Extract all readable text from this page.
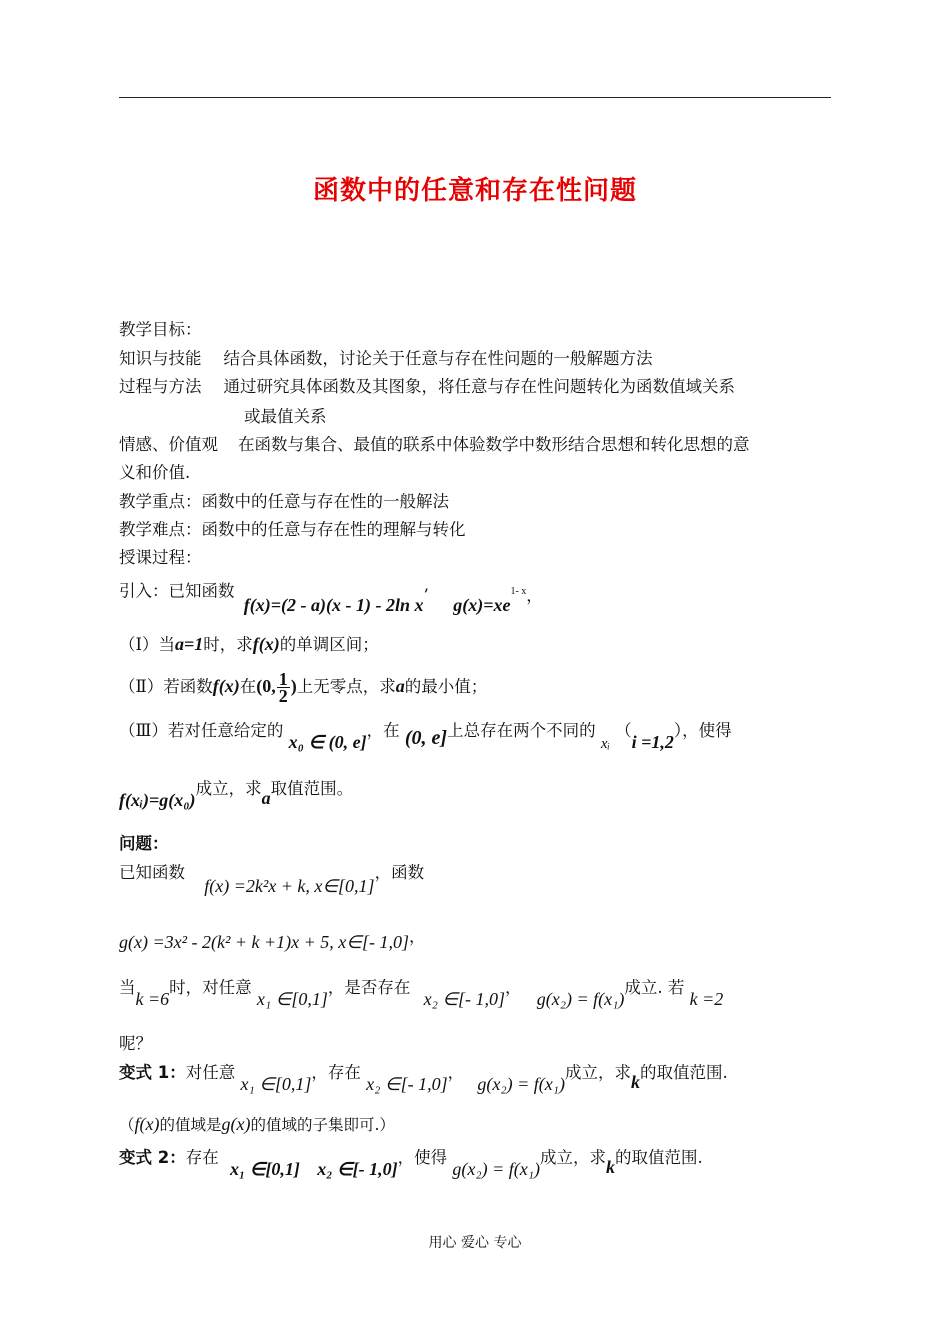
函数中的任意和存在性问题
教学目标：
知识与技能 结合具体函数，讨论关于任意与存在性问题的一般解题方法
过程与方法 通过研究具体函数及其图象，将任意与存在性问题转化为函数值域关系
或最值关系
情感、价值观 在函数与集合、最值的联系中体验数学中数形结合思想和转化思想的意
义和价值.
教学重点：函数中的任意与存在性的一般解法
教学难点：函数中的任意与存在性的理解与转化
授课过程：
引入：已知函数 f(x)=(2 - a)(x - 1) - 2ln x’ $g(x)=xe^{1- x}$，
（Ⅰ）当a=1时，求f(x)的单调区间；
（Ⅱ）若函数f(x)在(0, $\frac{1}{2}$ )上无零点，求a的最小值；
（Ⅲ）若对任意给定的 x₀ ∈ (0, e]，在 (0, e]上总存在两个不同的 xᵢ （i =1,2），使得
f(xᵢ)=g(x₀)成立，求a取值范围。
问题：
已知函数 f(x) =2k²x + k, x∈[0,1]，函数
g(x) =3x² - 2(k² + k +1)x + 5, x∈[- 1,0]，
当k =6时，对任意 x₁ ∈[0,1]，是否存在 x₂ ∈[- 1,0]， g(x₂) = f(x₁)成立. 若 k =2
呢？
变式 1：对任意 x₁ ∈[0,1]，存在 x₂ ∈[- 1,0]， g(x₂) = f(x₁)成立，求k的取值范围.
（f(x)的值域是g(x)的值域的子集即可.）
变式 2：存在 x₁ ∈[0,1] x₂ ∈[- 1,0]，使得 g(x₂) = f(x₁)成立，求k的取值范围.
用心 爱心 专心
